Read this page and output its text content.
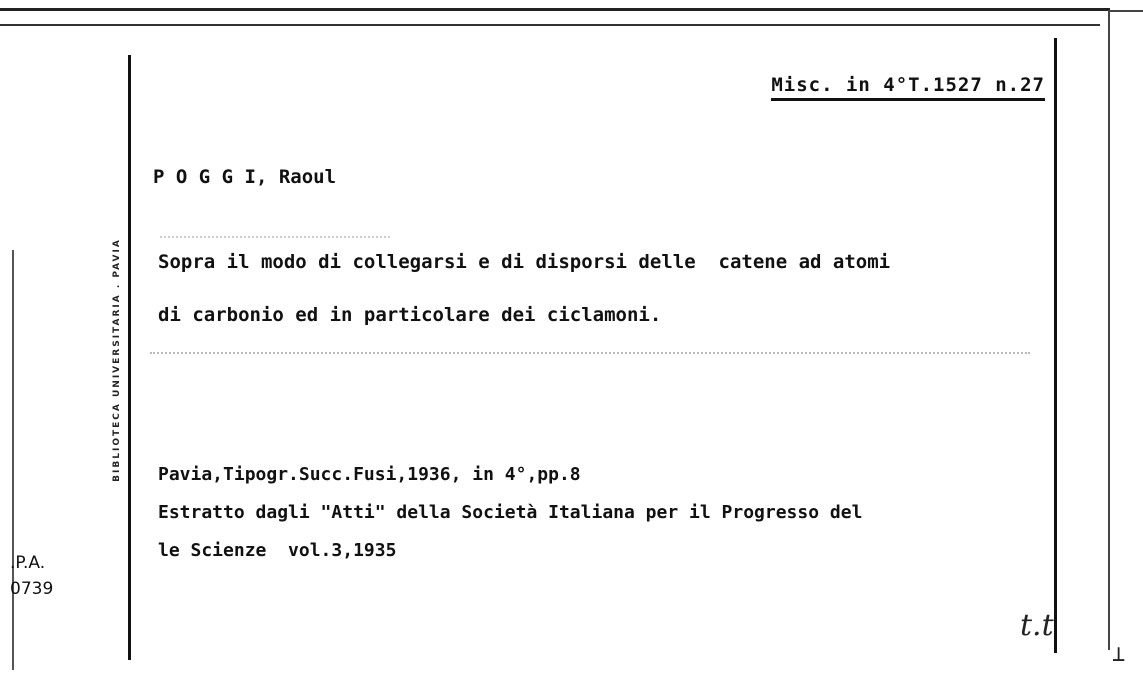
⊥
Misc. in 4°T.1527 n.27
BIBLIOTECA UNIVERSITARIA . PAVIA
P O G G I, Raoul
Sopra il modo di collegarsi e di disporsi delle  catene ad atomi
di carbonio ed in particolare dei ciclamoni.
Pavia,Tipogr.Succ.Fusi,1936, in 4°,pp.8
Estratto dagli "Atti" della Società Italiana per il Progresso del
le Scienze  vol.3,1935
.P.A.
0739
t.t
